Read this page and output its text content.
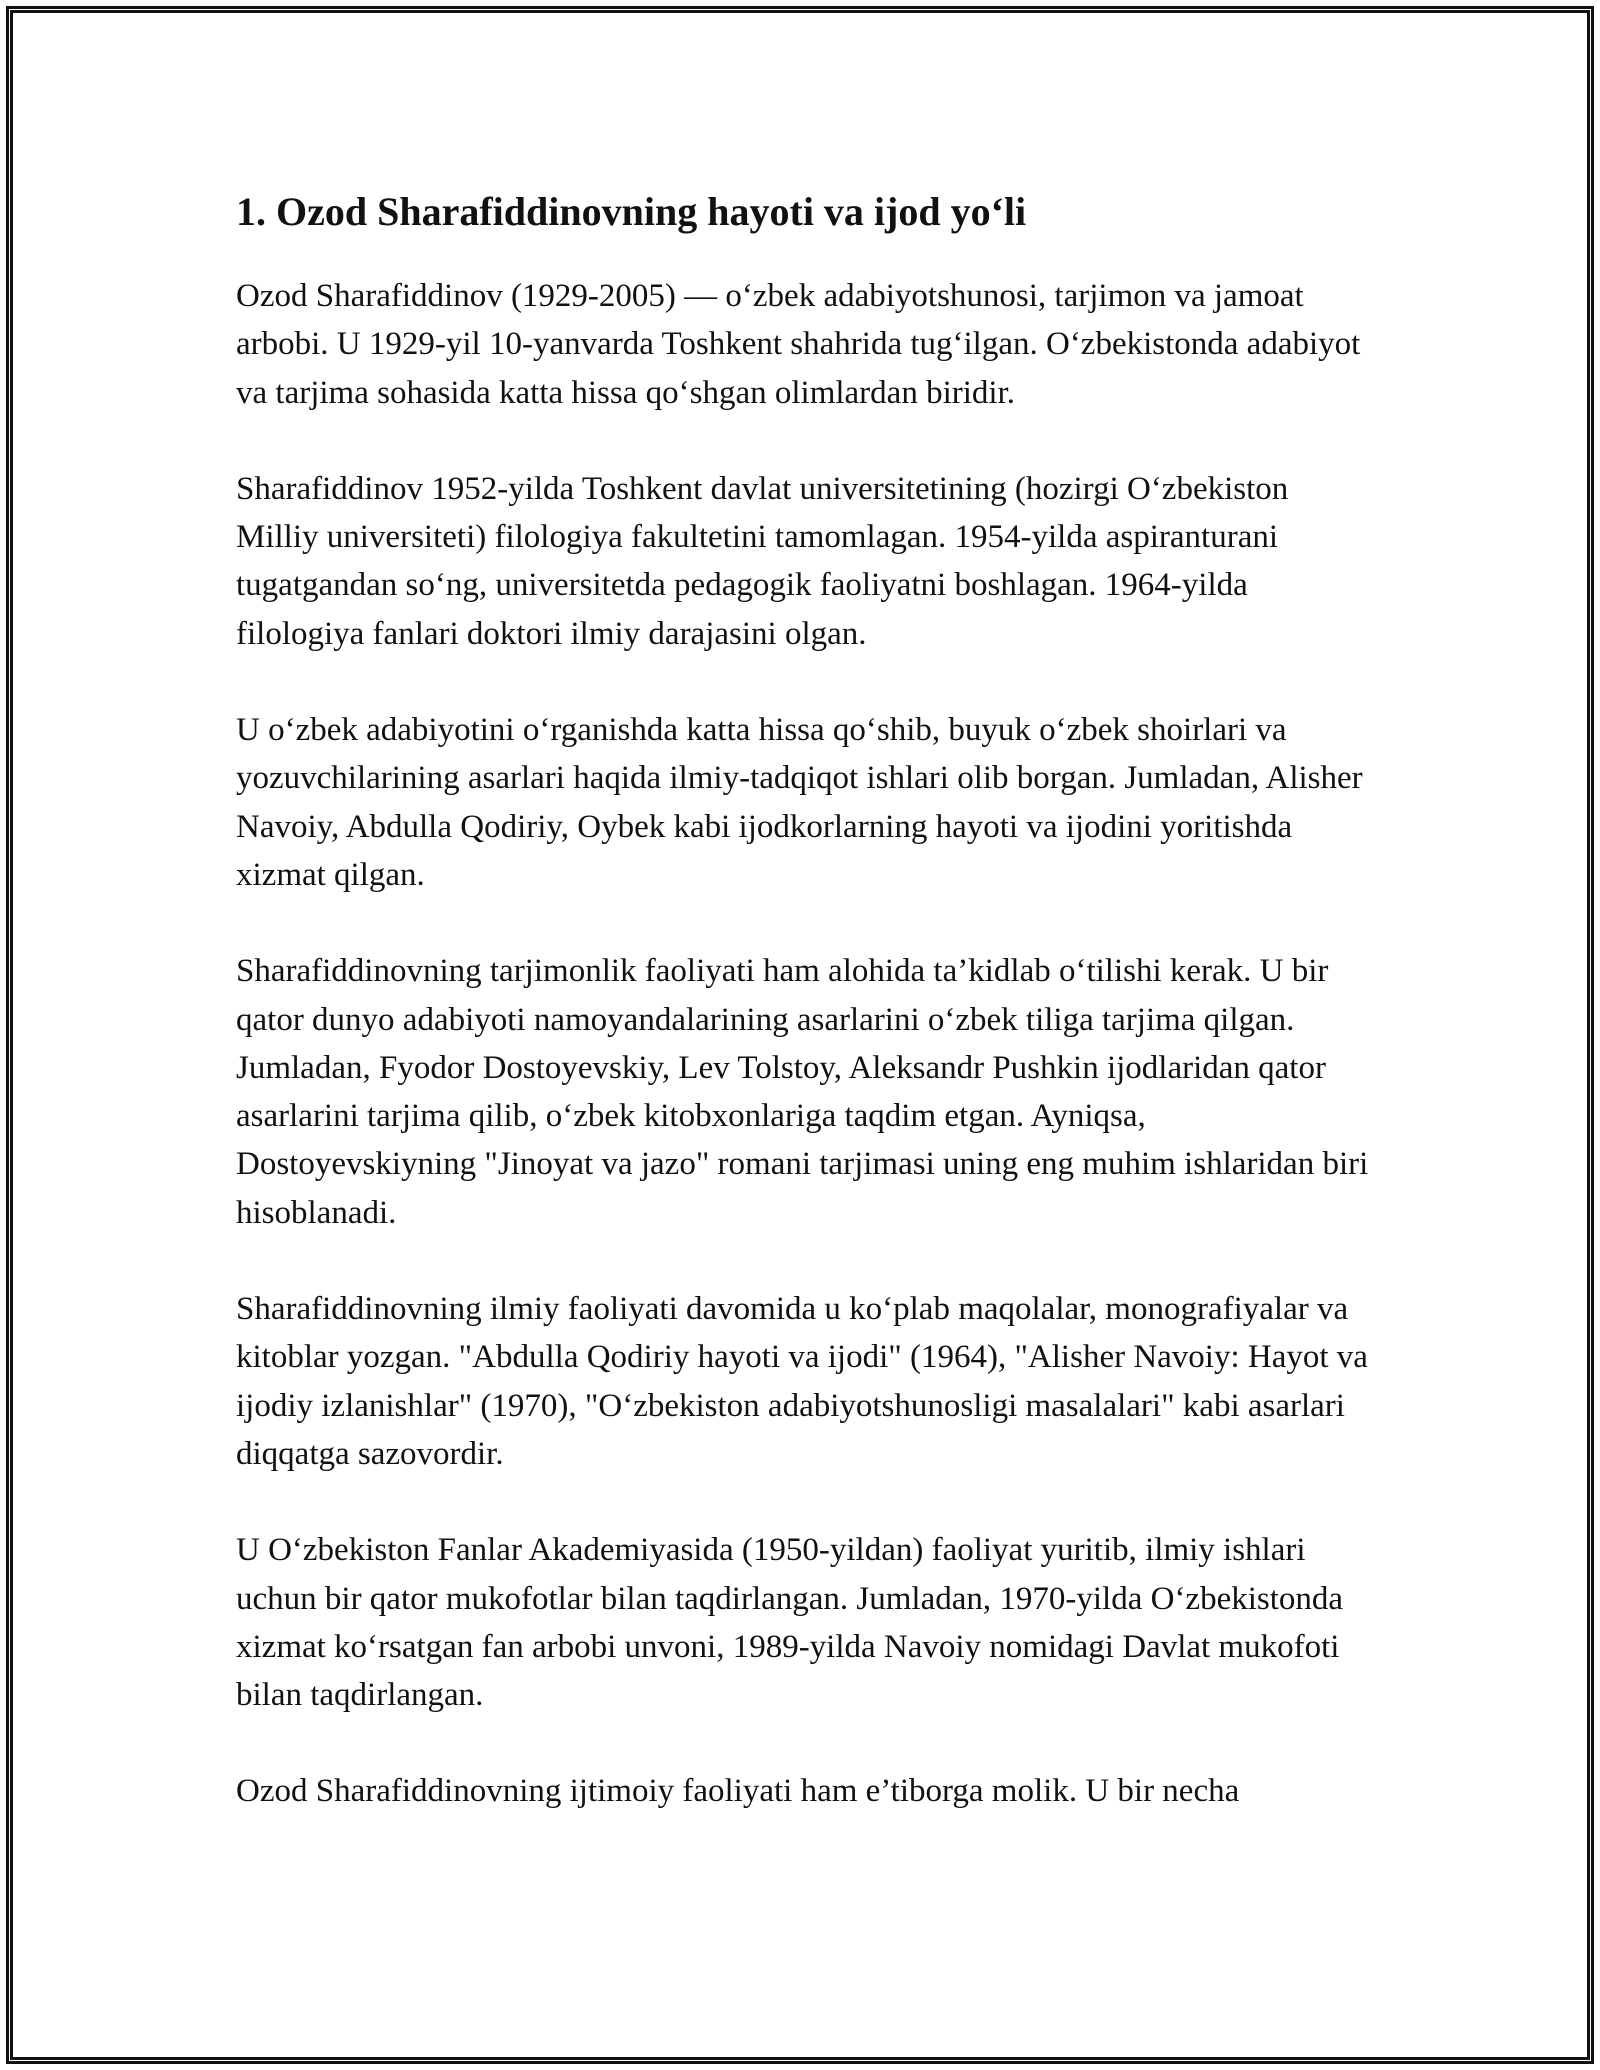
1. Ozod Sharafiddinovning hayoti va ijod yo‘li

Ozod Sharafiddinov (1929-2005) — o‘zbek adabiyotshunosi, tarjimon va jamoat arbobi. U 1929-yil 10-yanvarda Toshkent shahrida tug‘ilgan. O‘zbekistonda adabiyot va tarjima sohasida katta hissa qo‘shgan olimlardan biridir.

Sharafiddinov 1952-yilda Toshkent davlat universitetining (hozirgi O‘zbekiston Milliy universiteti) filologiya fakultetini tamomlagan. 1954-yilda aspiranturani tugatgandan so‘ng, universitetda pedagogik faoliyatni boshlagan. 1964-yilda filologiya fanlari doktori ilmiy darajasini olgan.

U o‘zbek adabiyotini o‘rganishda katta hissa qo‘shib, buyuk o‘zbek shoirlari va yozuvchilarining asarlari haqida ilmiy-tadqiqot ishlari olib borgan. Jumladan, Alisher Navoiy, Abdulla Qodiriy, Oybek kabi ijodkorlarning hayoti va ijodini yoritishda xizmat qilgan.

Sharafiddinovning tarjimonlik faoliyati ham alohida ta’kidlab o‘tilishi kerak. U bir qator dunyo adabiyoti namoyandalarining asarlarini o‘zbek tiliga tarjima qilgan. Jumladan, Fyodor Dostoyevskiy, Lev Tolstoy, Aleksandr Pushkin ijodlaridan qator asarlarini tarjima qilib, o‘zbek kitobxonlariga taqdim etgan. Ayniqsa, Dostoyevskiyning "Jinoyat va jazo" romani tarjimasi uning eng muhim ishlaridan biri hisoblanadi.

Sharafiddinovning ilmiy faoliyati davomida u ko‘plab maqolalar, monografiyalar va kitoblar yozgan. "Abdulla Qodiriy hayoti va ijodi" (1964), "Alisher Navoiy: Hayot va ijodiy izlanishlar" (1970), "O‘zbekiston adabiyotshunosligi masalalari" kabi asarlari diqqatga sazovordir.

U O‘zbekiston Fanlar Akademiyasida (1950-yildan) faoliyat yuritib, ilmiy ishlari uchun bir qator mukofotlar bilan taqdirlangan. Jumladan, 1970-yilda O‘zbekistonda xizmat ko‘rsatgan fan arbobi unvoni, 1989-yilda Navoiy nomidagi Davlat mukofoti bilan taqdirlangan.

Ozod Sharafiddinovning ijtimoiy faoliyati ham e’tiborga molik. U bir necha
